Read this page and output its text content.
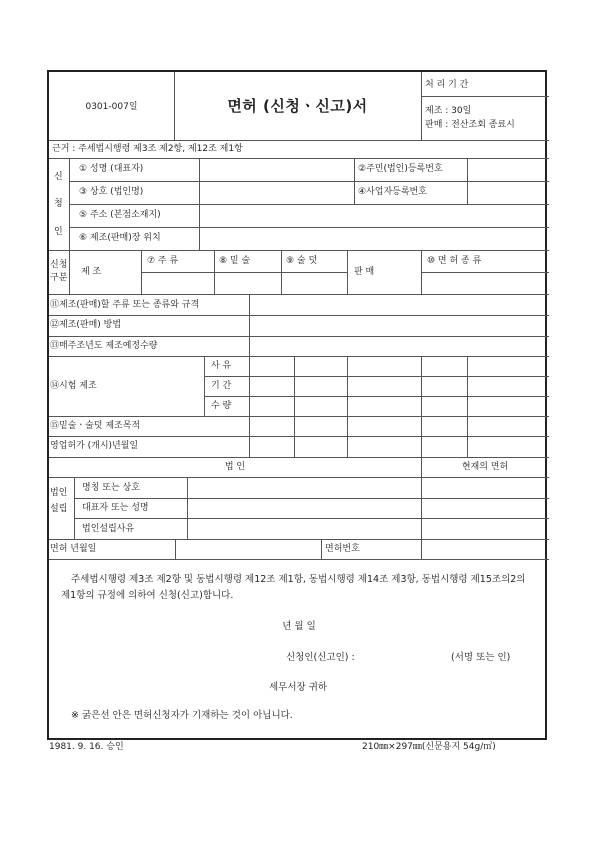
0301-007일	면허 (신청ㆍ신고)서
처 리 기 간
제조 : 30일
판매 : 전산조회 종료시
근거 : 주세법시행령 제3조 제2항, 제12조 제1항
신
청
인
① 성명 (대표자)	②주민(법인)등록번호
③ 상호 (법인명)	④사업자등록번호
⑤ 주소 (본점소재지)
⑥ 제조(판매)장 위치
신청
구분
제 조
⑦ 주 류	⑧ 밑 술	⑨ 술 덧
판 매
⑩ 면 허 종 류
⑪제조(판매)할 주류 또는 종류와 규격
⑫제조(판매) 방법
⑬매주조년도 제조예정수량
⑭시험 제조
사 유
기 간
수 량
⑮밑술ㆍ술덧 제조목적
영업허가 (개시)년월일
법 인	현재의 면허
법인
설립
명칭 또는 상호
대표자 또는 성명
법인설립사유
면허 년월일	면허번호
주세법시행령 제3조 제2항 및 동법시행령 제12조 제1항, 동법시행령 제14조 제3항, 동법시행령 제15조의2의 제1항의 규정에 의하여 신청(신고)합니다.
년 월 일
신청인(신고인) :	(서명 또는 인)
세무서장 귀하
※ 굵은선 안은 면허신청자가 기재하는 것이 아닙니다.
1981. 9. 16. 승인	210㎜×297㎜(신문용지 54g/㎡)
